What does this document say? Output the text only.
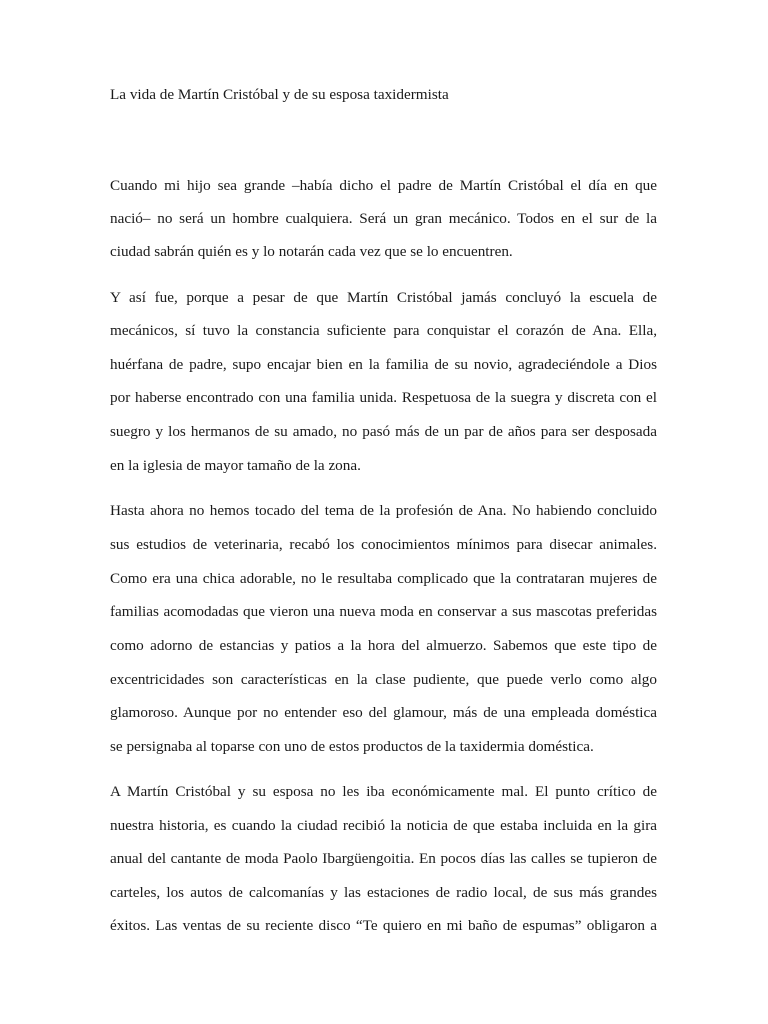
La vida de Martín Cristóbal y de su esposa taxidermista
Cuando mi hijo sea grande –había dicho el padre de Martín Cristóbal el día en que
nació– no será un hombre cualquiera. Será un gran mecánico. Todos en el sur de la
ciudad sabrán quién es y lo notarán cada vez que se lo encuentren.
Y así fue, porque a pesar de que Martín Cristóbal jamás concluyó la escuela de
mecánicos, sí tuvo la constancia suficiente para conquistar el corazón de Ana. Ella,
huérfana de padre, supo encajar bien en la familia de su novio, agradeciéndole a Dios
por haberse encontrado con una familia unida. Respetuosa de la suegra y discreta con el
suegro y los hermanos de su amado, no pasó más de un par de años para ser desposada
en la iglesia de mayor tamaño de la zona.
Hasta ahora no hemos tocado del tema de la profesión de Ana. No habiendo concluido
sus estudios de veterinaria, recabó los conocimientos mínimos para disecar animales.
Como era una chica adorable, no le resultaba complicado que la contrataran mujeres de
familias acomodadas que vieron una nueva moda en conservar a sus mascotas preferidas
como adorno de estancias y patios a la hora del almuerzo. Sabemos que este tipo de
excentricidades son características en la clase pudiente, que puede verlo como algo
glamoroso. Aunque por no entender eso del glamour, más de una empleada doméstica
se persignaba al toparse con uno de estos productos de la taxidermia doméstica.
A Martín Cristóbal y su esposa no les iba económicamente mal. El punto crítico de
nuestra historia, es cuando la ciudad recibió la noticia de que estaba incluida en la gira
anual del cantante de moda Paolo Ibargüengoitia. En pocos días las calles se tupieron de
carteles, los autos de calcomanías y las estaciones de radio local, de sus más grandes
éxitos. Las ventas de su reciente disco “Te quiero en mi baño de espumas” obligaron a
